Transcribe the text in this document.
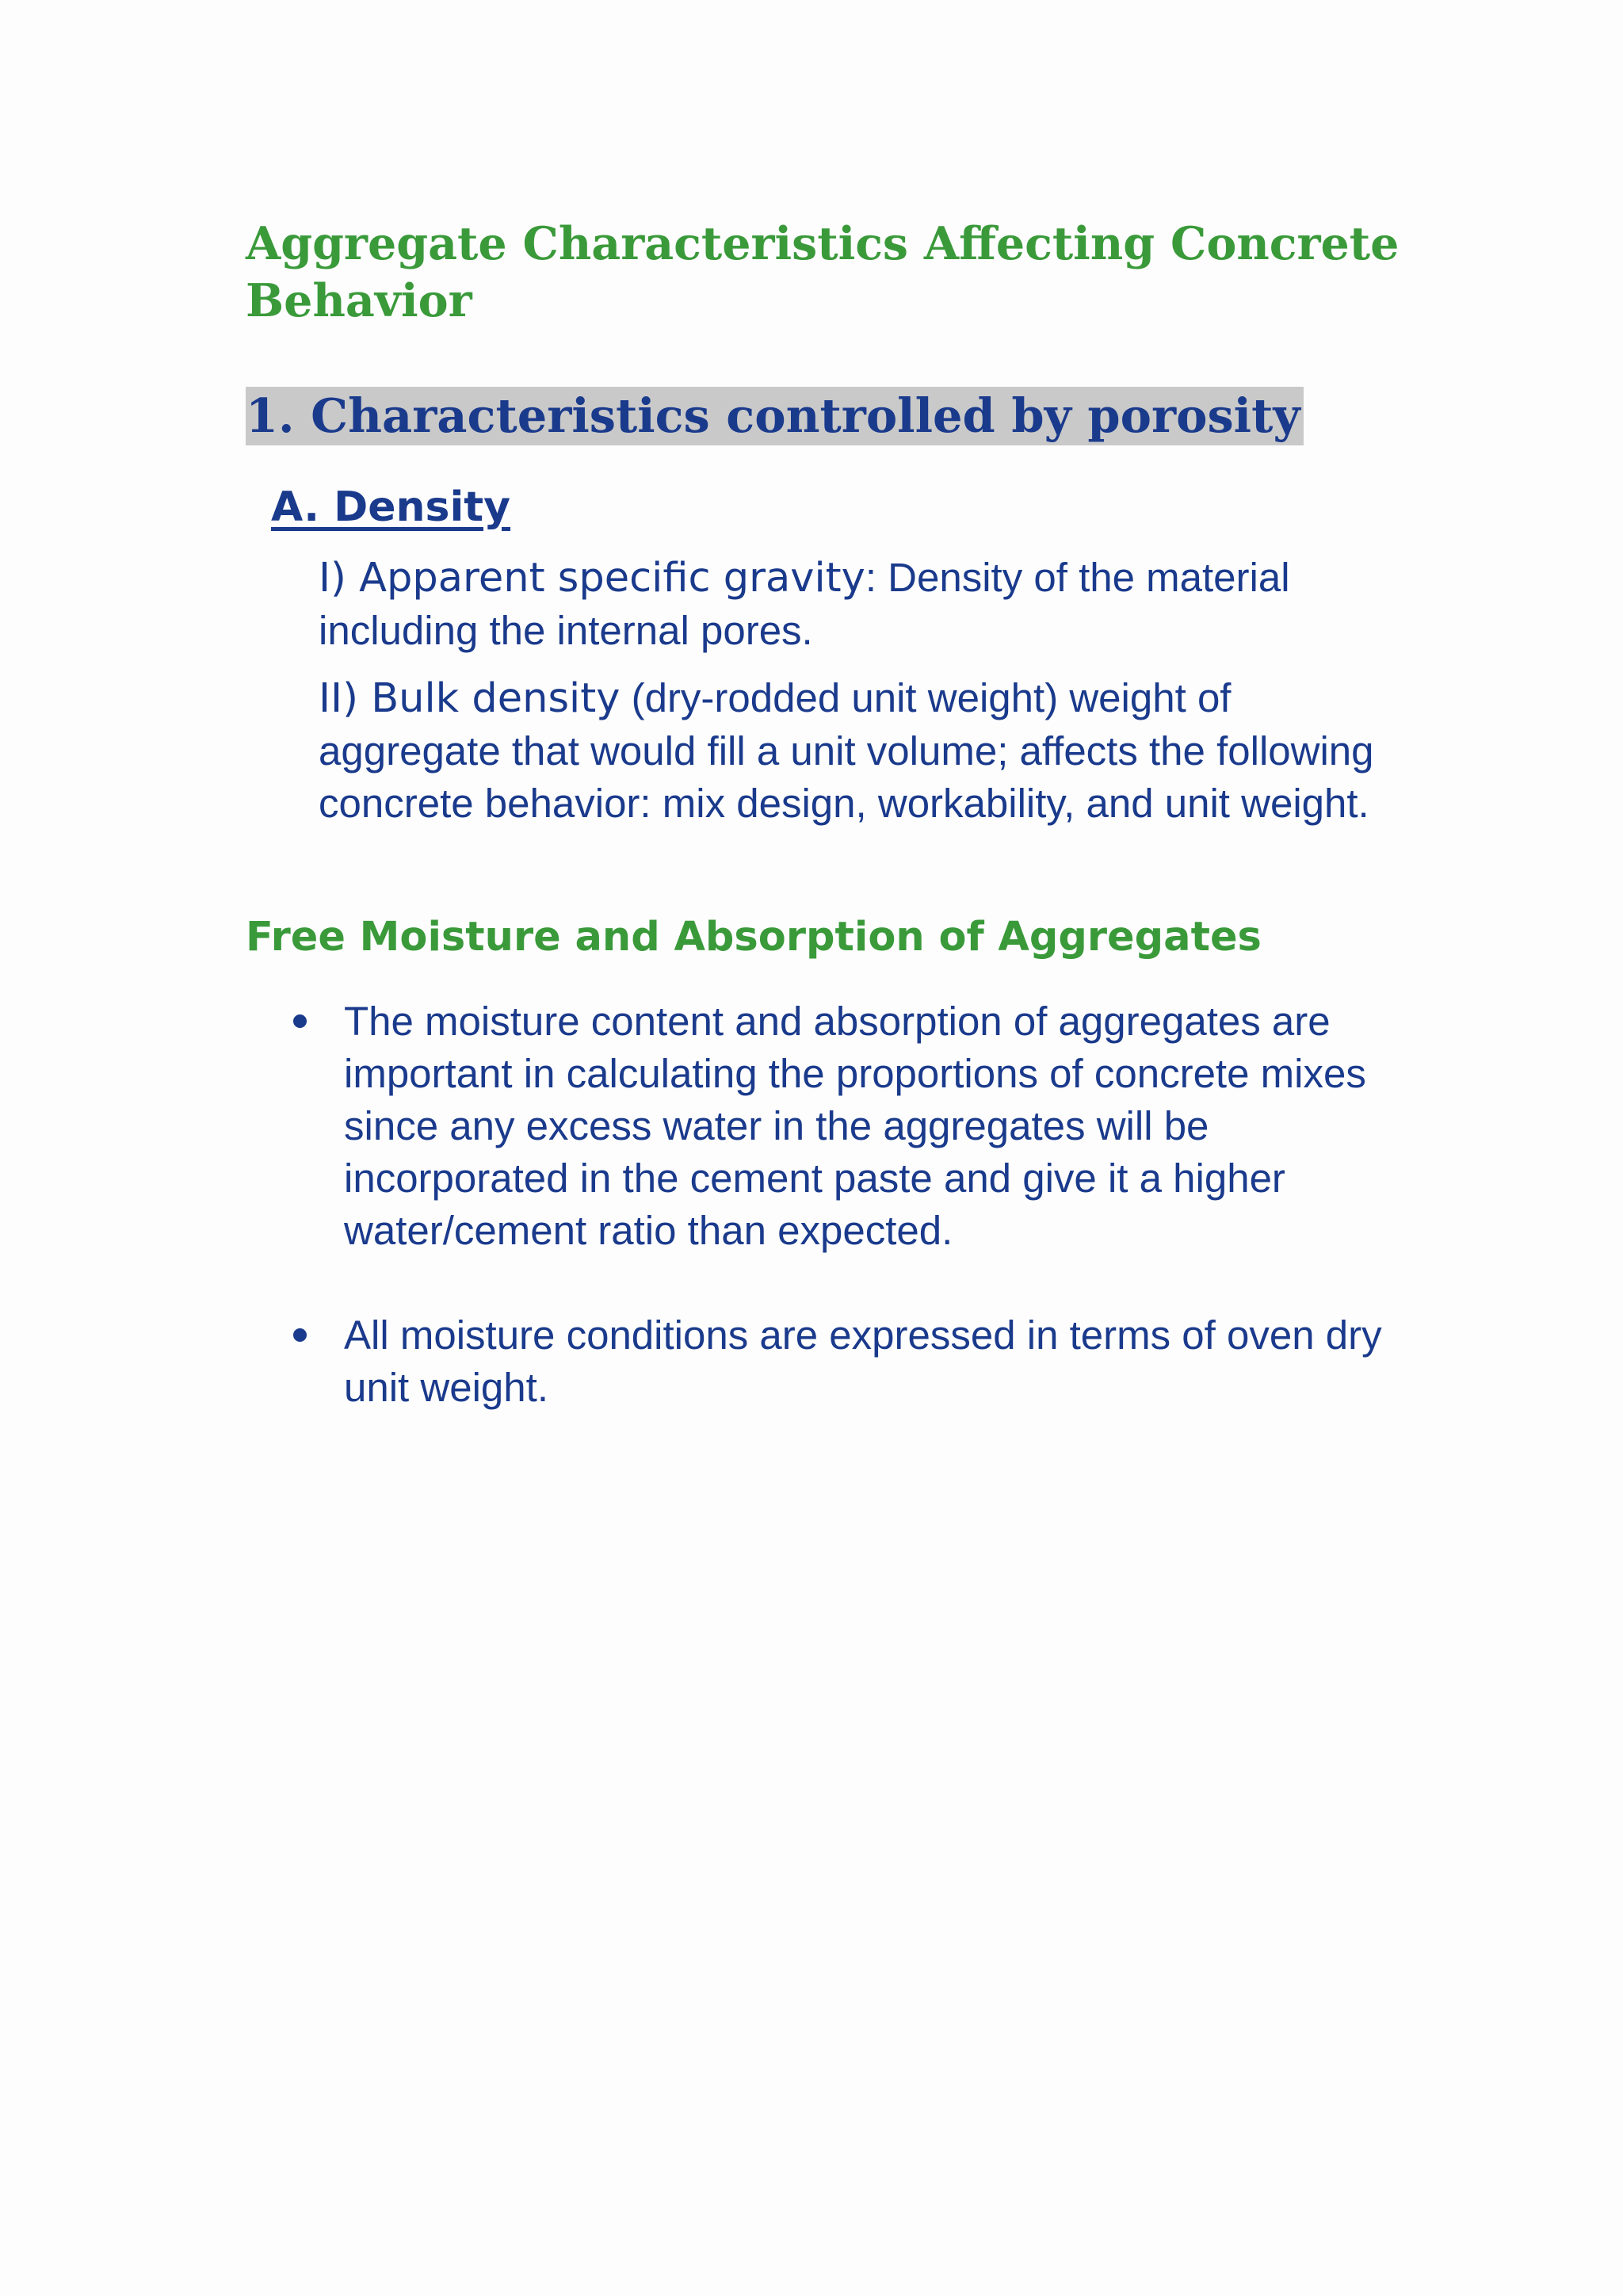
Aggregate Characteristics Affecting Concrete Behavior
1. Characteristics controlled by porosity
A. Density

I) Apparent specific gravity: Density of the material including the internal pores.

II) Bulk density (dry-rodded unit weight) weight of aggregate that would fill a unit volume; affects the following concrete behavior: mix design, workability, and unit weight.

Free Moisture and Absorption of Aggregates
The moisture content and absorption of aggregates are important in calculating the proportions of concrete mixes since any excess water in the aggregates will be incorporated in the cement paste and give it a higher water/cement ratio than expected.
All moisture conditions are expressed in terms of oven dry unit weight.
